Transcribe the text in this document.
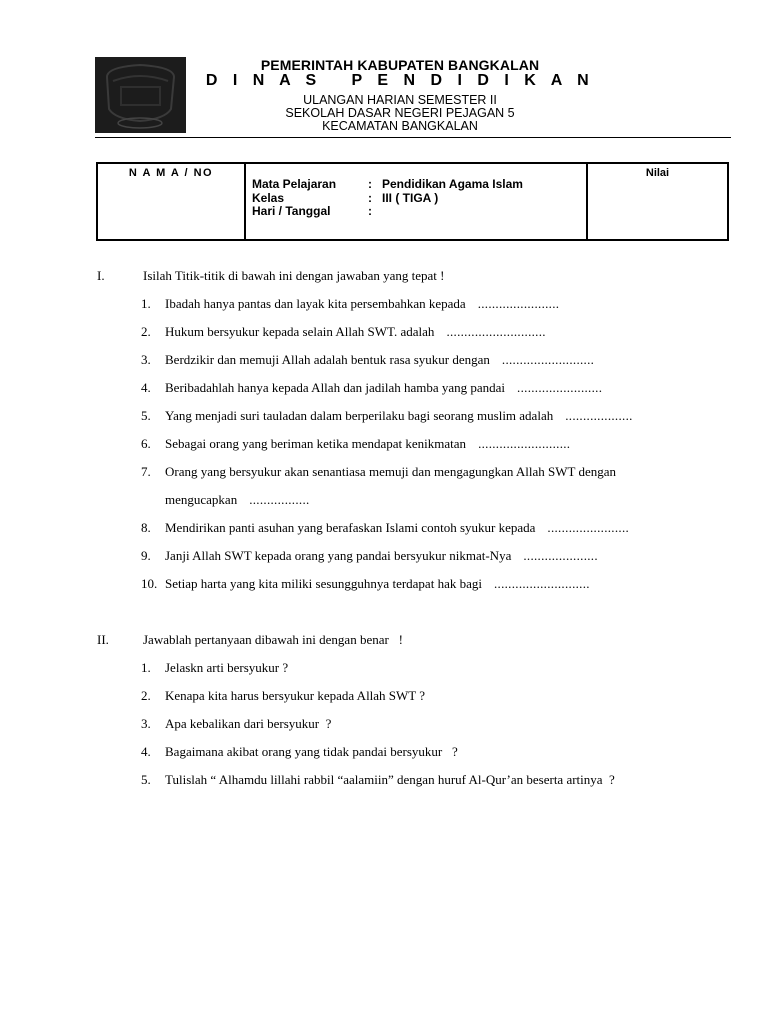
PEMERINTAH KABUPATEN BANGKALAN
D I N A S   P E N D I D I K A N
ULANGAN HARIAN SEMESTER II
SEKOLAH DASAR NEGERI PEJAGAN 5
KECAMATAN BANGKALAN
N A M A / NO
Mata Pelajaran	: Pendidikan Agama Islam
Kelas	: III ( TIGA )
Hari / Tanggal	:
Nilai
I.	Isilah Titik-titik di bawah ini dengan jawaban yang tepat !
1.	Ibadah hanya pantas dan layak kita persembahkan kepada .......................
2.	Hukum bersyukur kepada selain Allah SWT. adalah ............................
3.	Berdzikir dan memuji Allah adalah bentuk rasa syukur dengan ..........................
4.	Beribadahlah hanya kepada Allah dan jadilah hamba yang pandai ........................
5.	Yang menjadi suri tauladan dalam berperilaku bagi seorang muslim adalah ...................
6.	Sebagai orang yang beriman ketika mendapat kenikmatan ..........................
7.	Orang yang bersyukur akan senantiasa memuji dan mengagungkan Allah SWT dengan
mengucapkan .................
8.	Mendirikan panti asuhan yang berafaskan Islami contoh syukur kepada .......................
9.	Janji Allah SWT kepada orang yang pandai bersyukur nikmat-Nya .....................
10. Setiap harta yang kita miliki sesungguhnya terdapat hak bagi ...........................
II.	Jawablah pertanyaan dibawah ini dengan benar   !
1.	Jelaskn arti bersyukur ?
2.	Kenapa kita harus bersyukur kepada Allah SWT ?
3.	Apa kebalikan dari bersyukur  ?
4.	Bagaimana akibat orang yang tidak pandai bersyukur   ?
5.	Tulislah “ Alhamdu lillahi rabbil “aalamiin” dengan huruf Al-Qur’an beserta artinya  ?
